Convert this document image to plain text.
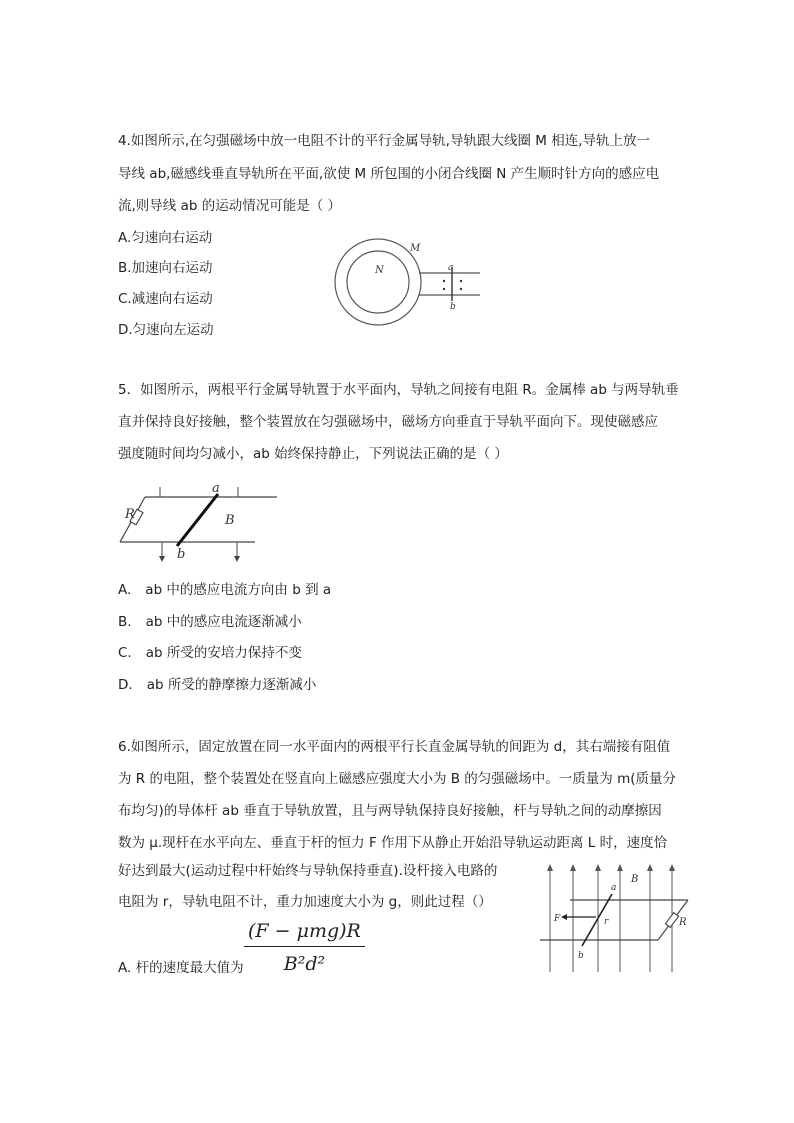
4.如图所示,在匀强磁场中放一电阻不计的平行金属导轨,导轨跟大线圈 M 相连,导轨上放一
导线 ab,磁感线垂直导轨所在平面,欲使 M 所包围的小闭合线圈 N 产生顺时针方向的感应电
流,则导线 ab 的运动情况可能是（ ）
A.匀速向右运动
B.加速向右运动
C.减速向右运动
D.匀速向左运动
M
N	a
b
5．如图所示，两根平行金属导轨置于水平面内，导轨之间接有电阻 R。金属棒 ab 与两导轨垂
直并保持良好接触，整个装置放在匀强磁场中，磁场方向垂直于导轨平面向下。现使磁感应
强度随时间均匀减小，ab 始终保持静止，下列说法正确的是（ ）
R
a
b
B
A. ab 中的感应电流方向由 b 到 a
B. ab 中的感应电流逐渐减小
C. ab 所受的安培力保持不变
D. ab 所受的静摩擦力逐渐减小
6.如图所示，固定放置在同一水平面内的两根平行长直金属导轨的间距为 d，其右端接有阻值
为 R 的电阻，整个装置处在竖直向上磁感应强度大小为 B 的匀强磁场中。一质量为 m(质量分
布均匀)的导体杆 ab 垂直于导轨放置，且与两导轨保持良好接触，杆与导轨之间的动摩擦因
数为 μ.现杆在水平向左、垂直于杆的恒力 F 作用下从静止开始沿导轨运动距离 L 时，速度恰
好达到最大(运动过程中杆始终与导轨保持垂直).设杆接入电路的
电阻为 r，导轨电阻不计，重力加速度大小为 g，则此过程（）
(F − μmg)R
B²d²
A. 杆的速度最大值为
F
B
R
a
b
r
